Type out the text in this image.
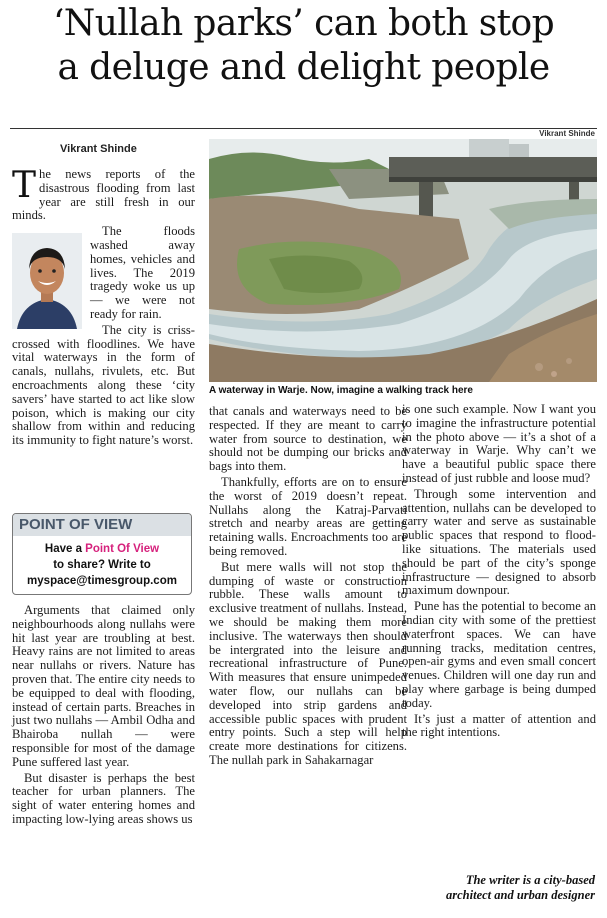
‘Nullah parks’ can both stop
a deluge and delight people
Vikrant Shinde
Vikrant Shinde
A waterway in Warje. Now, imagine a walking track here

The news reports of the disastrous flooding from last year are still fresh in our minds.

The floods washed away homes, vehicles and lives. The 2019 tragedy woke us up — we were not ready for rain.

The city is criss-crossed with floodlines. We have vital waterways in the form of canals, nullahs, rivulets, etc. But encroachments along these ‘city savers’ have started to act like slow poison, which is making our city shallow from within and reducing its immunity to fight nature’s worst.

POINT OF VIEW
Have a Point Of View
to share? Write to
myspace@timesgroup.com

Arguments that claimed only neighbourhoods along nullahs were hit last year are troubling at best. Heavy rains are not limited to areas near nullahs or rivers. Nature has proven that. The entire city needs to be equipped to deal with flooding, instead of certain parts. Breaches in just two nullahs — Ambil Odha and Bhairoba nullah — were responsible for most of the damage Pune suffered last year.

But disaster is perhaps the best teacher for urban planners. The sight of water entering homes and impacting low-lying areas shows us

that canals and waterways need to be respected. If they are meant to carry water from source to destination, we should not be dumping our bricks and bags into them.

Thankfully, efforts are on to ensure the worst of 2019 doesn’t repeat. Nullahs along the Katraj-Parvati stretch and nearby areas are getting retaining walls. Encroachments too are being removed.

But mere walls will not stop the dumping of waste or construction rubble. These walls amount to exclusive treatment of nullahs. Instead, we should be making them more inclusive. The waterways then should be intergrated into the leisure and recreational infrastructure of Pune. With measures that ensure unimpeded water flow, our nullahs can be developed into strip gardens and accessible public spaces with prudent entry points. Such a step will help create more destinations for citizens. The nullah park in Sahakarnagar

is one such example. Now I want you to imagine the infrastructure potential in the photo above — it’s a shot of a waterway in Warje. Why can’t we have a beautiful public space there instead of just rubble and loose mud?

Through some intervention and attention, nullahs can be developed to carry water and serve as sustainable public spaces that respond to flood-like situations. The materials used should be part of the city’s sponge infrastructure — designed to absorb maximum downpour.

Pune has the potential to become an Indian city with some of the prettiest waterfront spaces. We can have running tracks, meditation centres, open-air gyms and even small concert venues. Children will one day run and play where garbage is being dumped today.

It’s just a matter of attention and the right intentions.

The writer is a city-based
architect and urban designer
